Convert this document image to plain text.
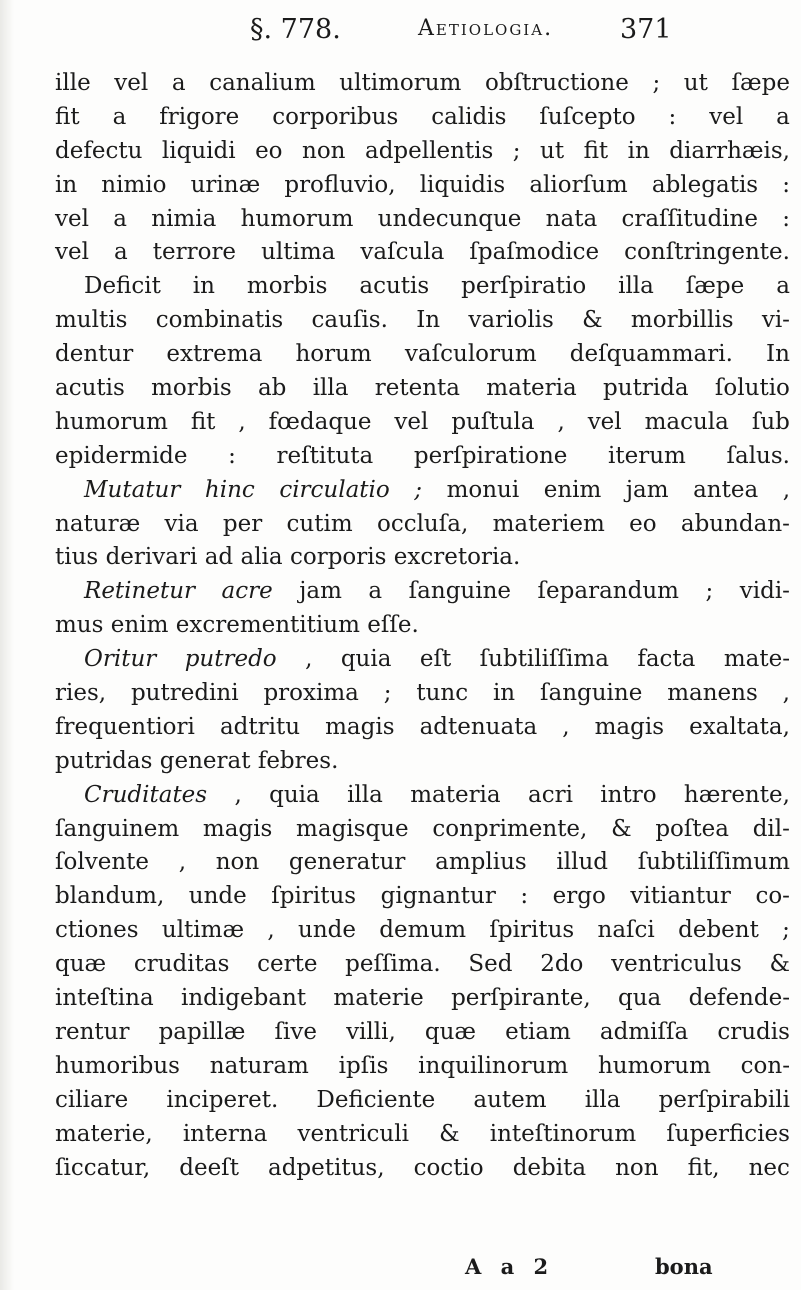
§. 778.	Aetiologia. 371
ille vel a canalium ultimorum obſtructione ; ut ſæpe
fit a frigore corporibus calidis ſuſcepto : vel a
defectu liquidi eo non adpellentis ; ut fit in diarrhæis,
in nimio urinæ profluvio, liquidis aliorſum ablegatis :
vel a nimia humorum undecunque nata craſſitudine :
vel a terrore ultima vaſcula ſpaſmodice conſtringente.
Deficit in morbis acutis perſpiratio illa ſæpe a
multis combinatis cauſis. In variolis & morbillis vi-
dentur extrema horum vaſculorum deſquammari. In
acutis morbis ab illa retenta materia putrida ſolutio
humorum fit , fœdaque vel puſtula , vel macula ſub
epidermide : reſtituta perſpiratione iterum ſalus.
Mutatur hinc circulatio ; monui enim jam antea ,
naturæ via per cutim occluſa, materiem eo abundan-
tius derivari ad alia corporis excretoria.
Retinetur acre jam a ſanguine ſeparandum ; vidi-
mus enim excrementitium eſſe.
Oritur putredo , quia eſt ſubtiliſſima facta mate-
ries, putredini proxima ; tunc in ſanguine manens ,
frequentiori adtritu magis adtenuata , magis exaltata,
putridas generat febres.
Cruditates , quia illa materia acri intro hærente,
ſanguinem magis magisque conprimente, & poſtea dil-
ſolvente , non generatur amplius illud ſubtiliſſimum
blandum, unde ſpiritus gignantur : ergo vitiantur co-
ctiones ultimæ , unde demum ſpiritus naſci debent ;
quæ cruditas certe peſſima. Sed 2do ventriculus &
inteſtina indigebant materie perſpirante, qua defende-
rentur papillæ ſive villi, quæ etiam admiſſa crudis
humoribus naturam ipſis inquilinorum humorum con-
ciliare inciperet. Deficiente autem illa perſpirabili
materie, interna ventriculi & inteſtinorum ſuperficies
ſiccatur, deeſt adpetitus, coctio debita non fit, nec
A a 2	bona
